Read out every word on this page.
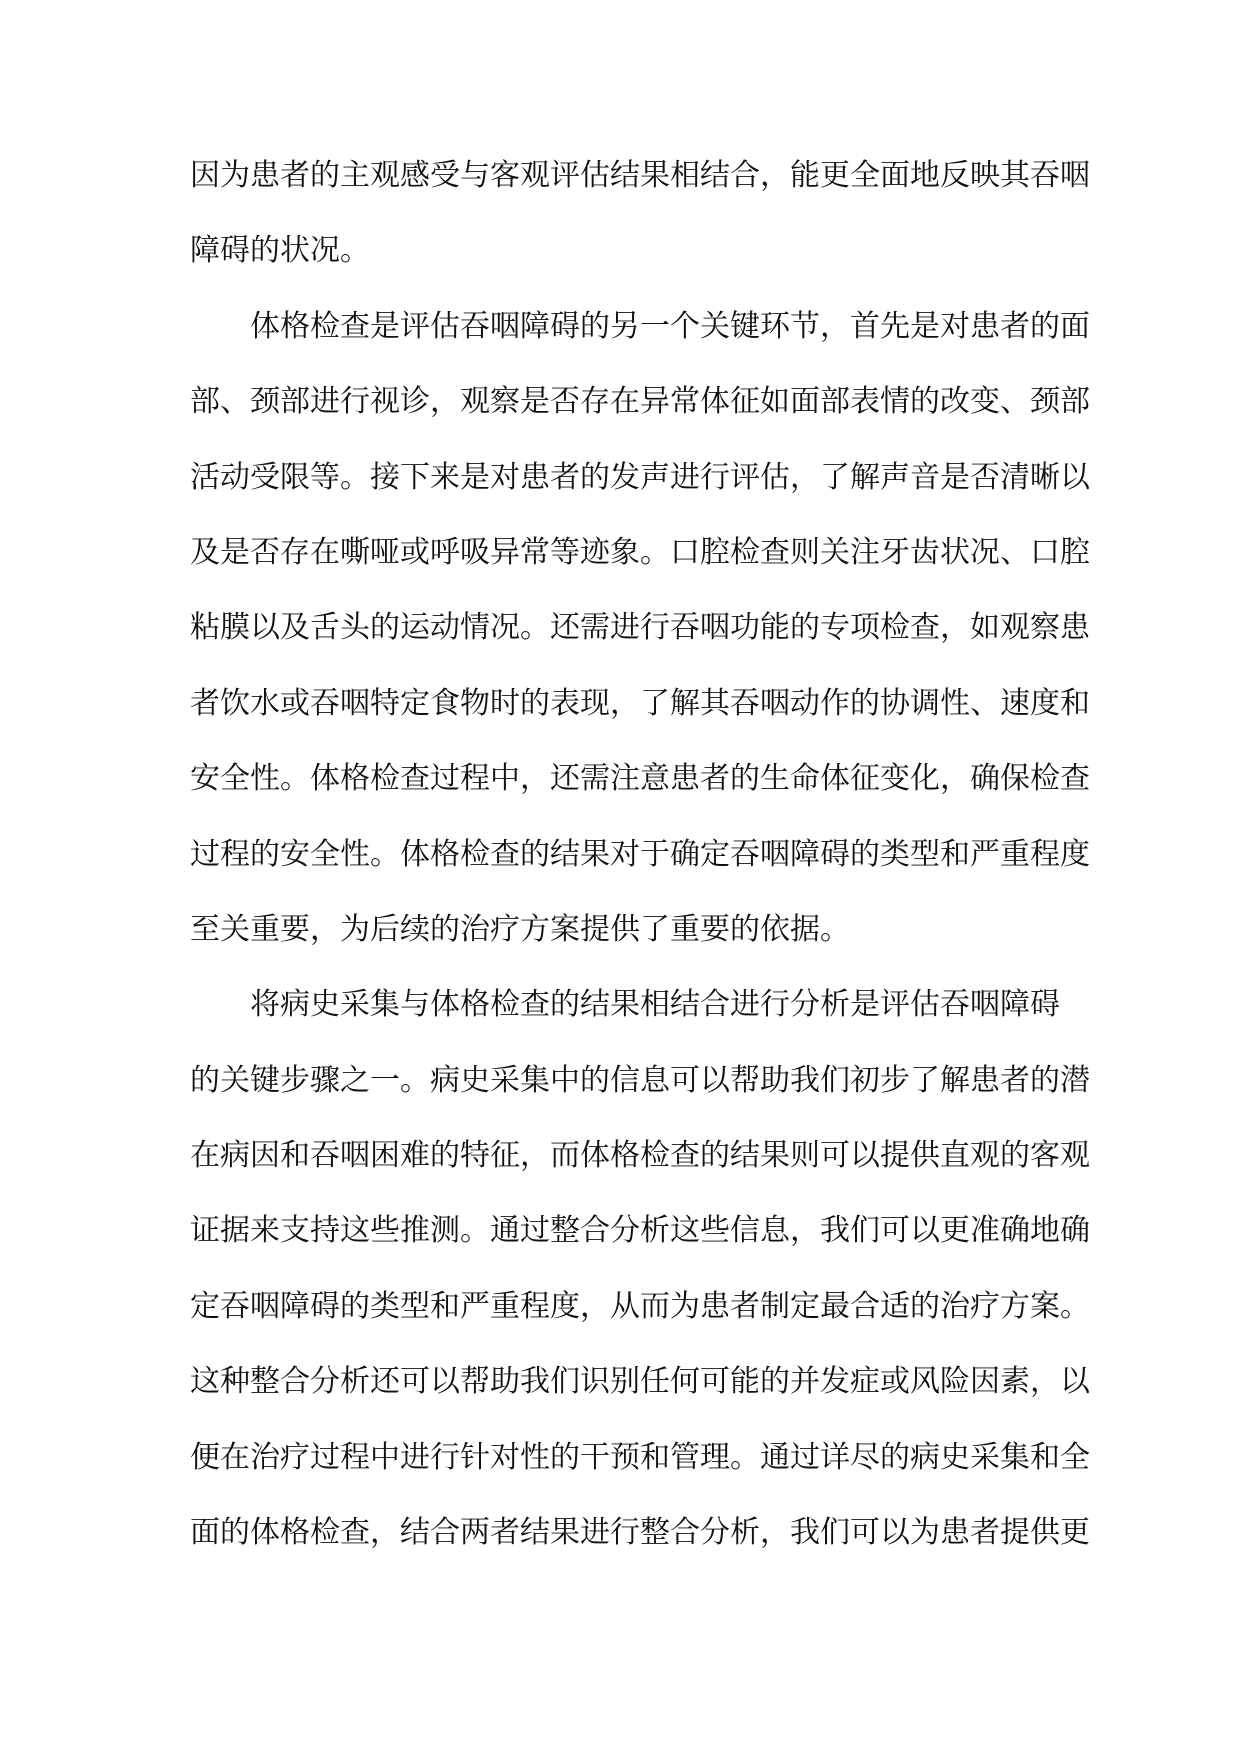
因为患者的主观感受与客观评估结果相结合，能更全面地反映其吞咽
障碍的状况。
体格检查是评估吞咽障碍的另一个关键环节，首先是对患者的面
部、颈部进行视诊，观察是否存在异常体征如面部表情的改变、颈部
活动受限等。接下来是对患者的发声进行评估，了解声音是否清晰以
及是否存在嘶哑或呼吸异常等迹象。口腔检查则关注牙齿状况、口腔
粘膜以及舌头的运动情况。还需进行吞咽功能的专项检查，如观察患
者饮水或吞咽特定食物时的表现，了解其吞咽动作的协调性、速度和
安全性。体格检查过程中，还需注意患者的生命体征变化，确保检查
过程的安全性。体格检查的结果对于确定吞咽障碍的类型和严重程度
至关重要，为后续的治疗方案提供了重要的依据。
将病史采集与体格检查的结果相结合进行分析是评估吞咽障碍
的关键步骤之一。病史采集中的信息可以帮助我们初步了解患者的潜
在病因和吞咽困难的特征，而体格检查的结果则可以提供直观的客观
证据来支持这些推测。通过整合分析这些信息，我们可以更准确地确
定吞咽障碍的类型和严重程度，从而为患者制定最合适的治疗方案。
这种整合分析还可以帮助我们识别任何可能的并发症或风险因素，以
便在治疗过程中进行针对性的干预和管理。通过详尽的病史采集和全
面的体格检查，结合两者结果进行整合分析，我们可以为患者提供更
